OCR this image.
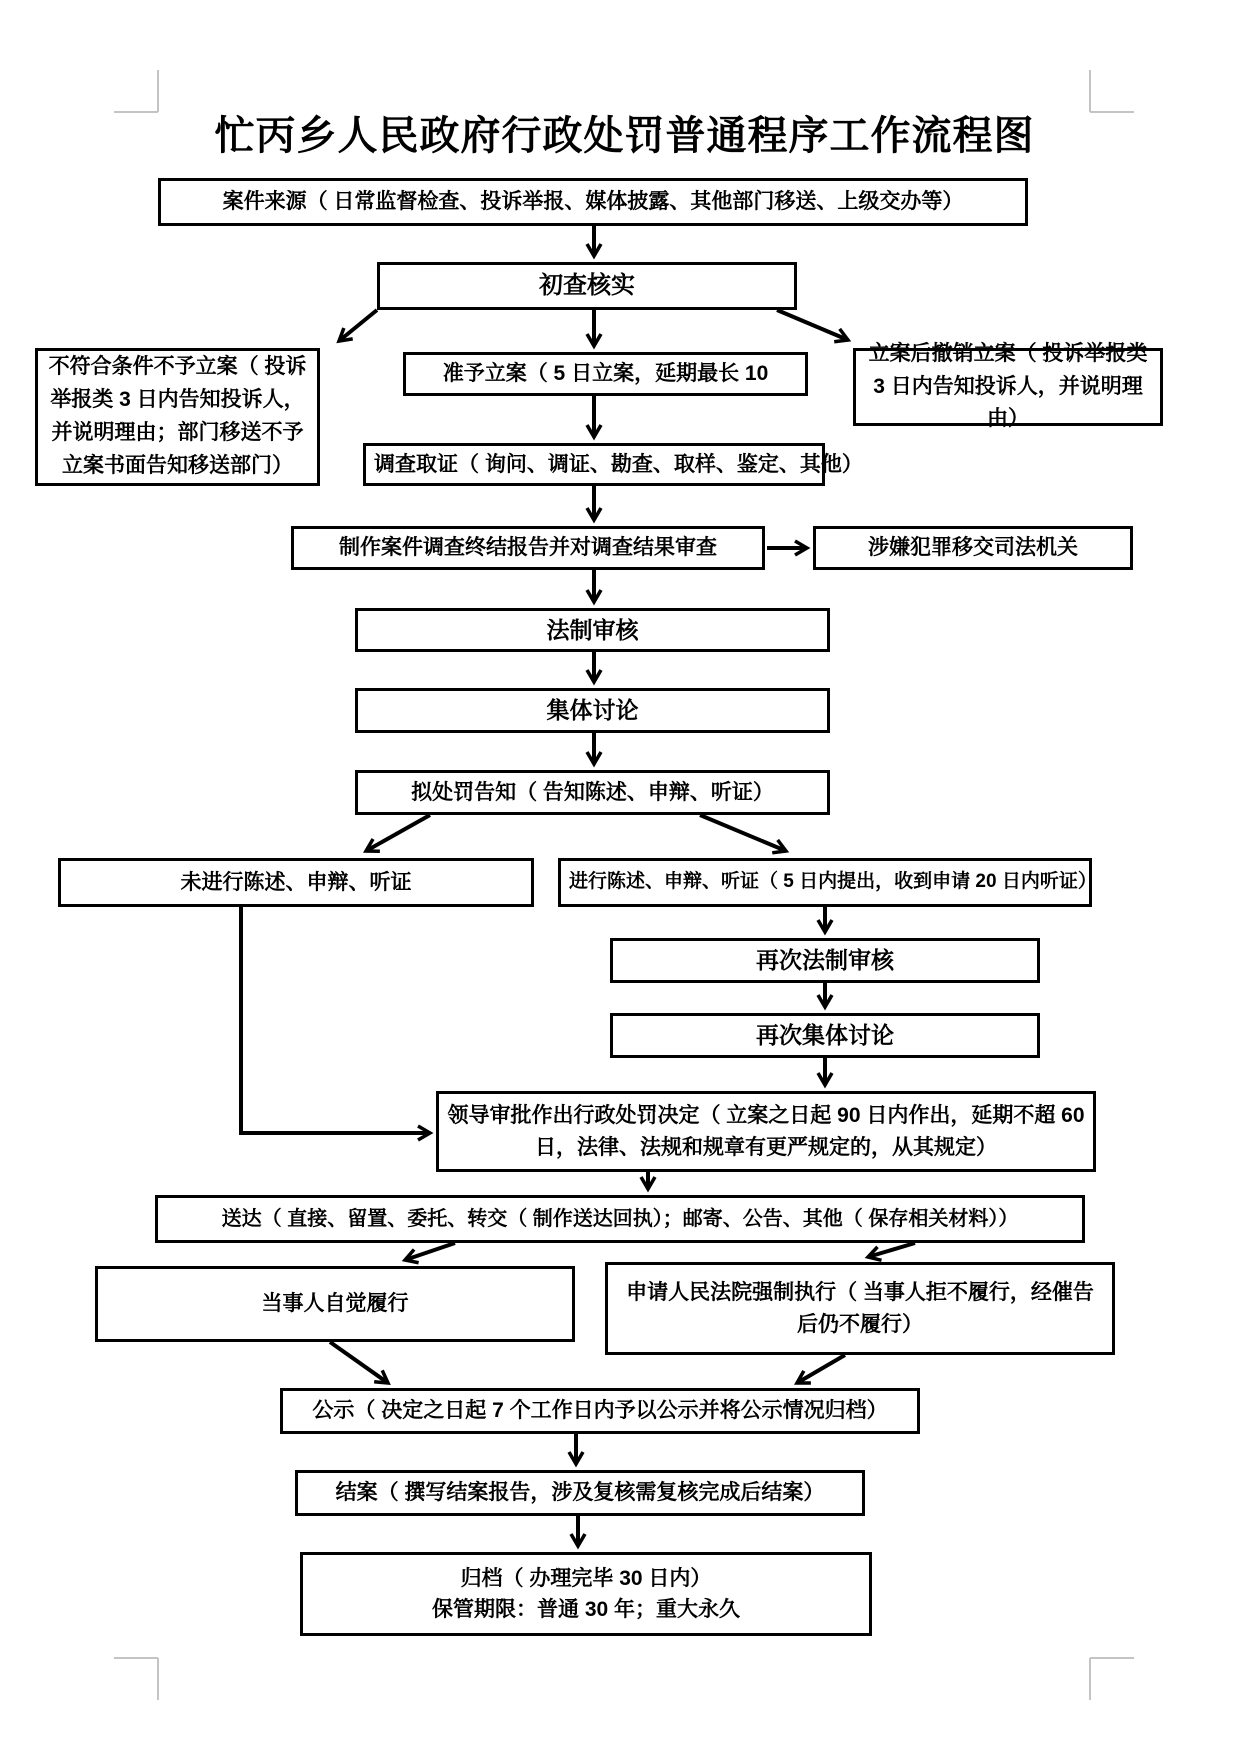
忙丙乡人民政府行政处罚普通程序工作流程图
案件来源（ 日常监督检查、投诉举报、媒体披露、其他部门移送、上级交办等）
初查核实
不符合条件不予立案（ 投诉举报类 3 日内告知投诉人，并说明理由；部门移送不予立案书面告知移送部门）
准予立案（ 5 日立案，延期最长 10
立案后撤销立案（ 投诉举报类 3 日内告知投诉人，并说明理由）
调查取证（ 询问、调证、勘查、取样、鉴定、其他）
制作案件调查终结报告并对调查结果审查	涉嫌犯罪移交司法机关
法制审核
集体讨论
拟处罚告知（ 告知陈述、申辩、听证）
未进行陈述、申辩、听证	进行陈述、申辩、听证（ 5 日内提出，收到申请 20 日内听证）
再次法制审核
再次集体讨论
领导审批作出行政处罚决定（ 立案之日起 90 日内作出，延期不超 60 日，法律、法规和规章有更严规定的，从其规定）
送达（ 直接、留置、委托、转交（ 制作送达回执）；邮寄、公告、其他（ 保存相关材料））
当事人自觉履行	申请人民法院强制执行（ 当事人拒不履行，经催告后仍不履行）
公示（ 决定之日起 7 个工作日内予以公示并将公示情况归档）
结案（ 撰写结案报告，涉及复核需复核完成后结案）
归档（ 办理完毕 30 日内）
保管期限：普通 30 年；重大永久
